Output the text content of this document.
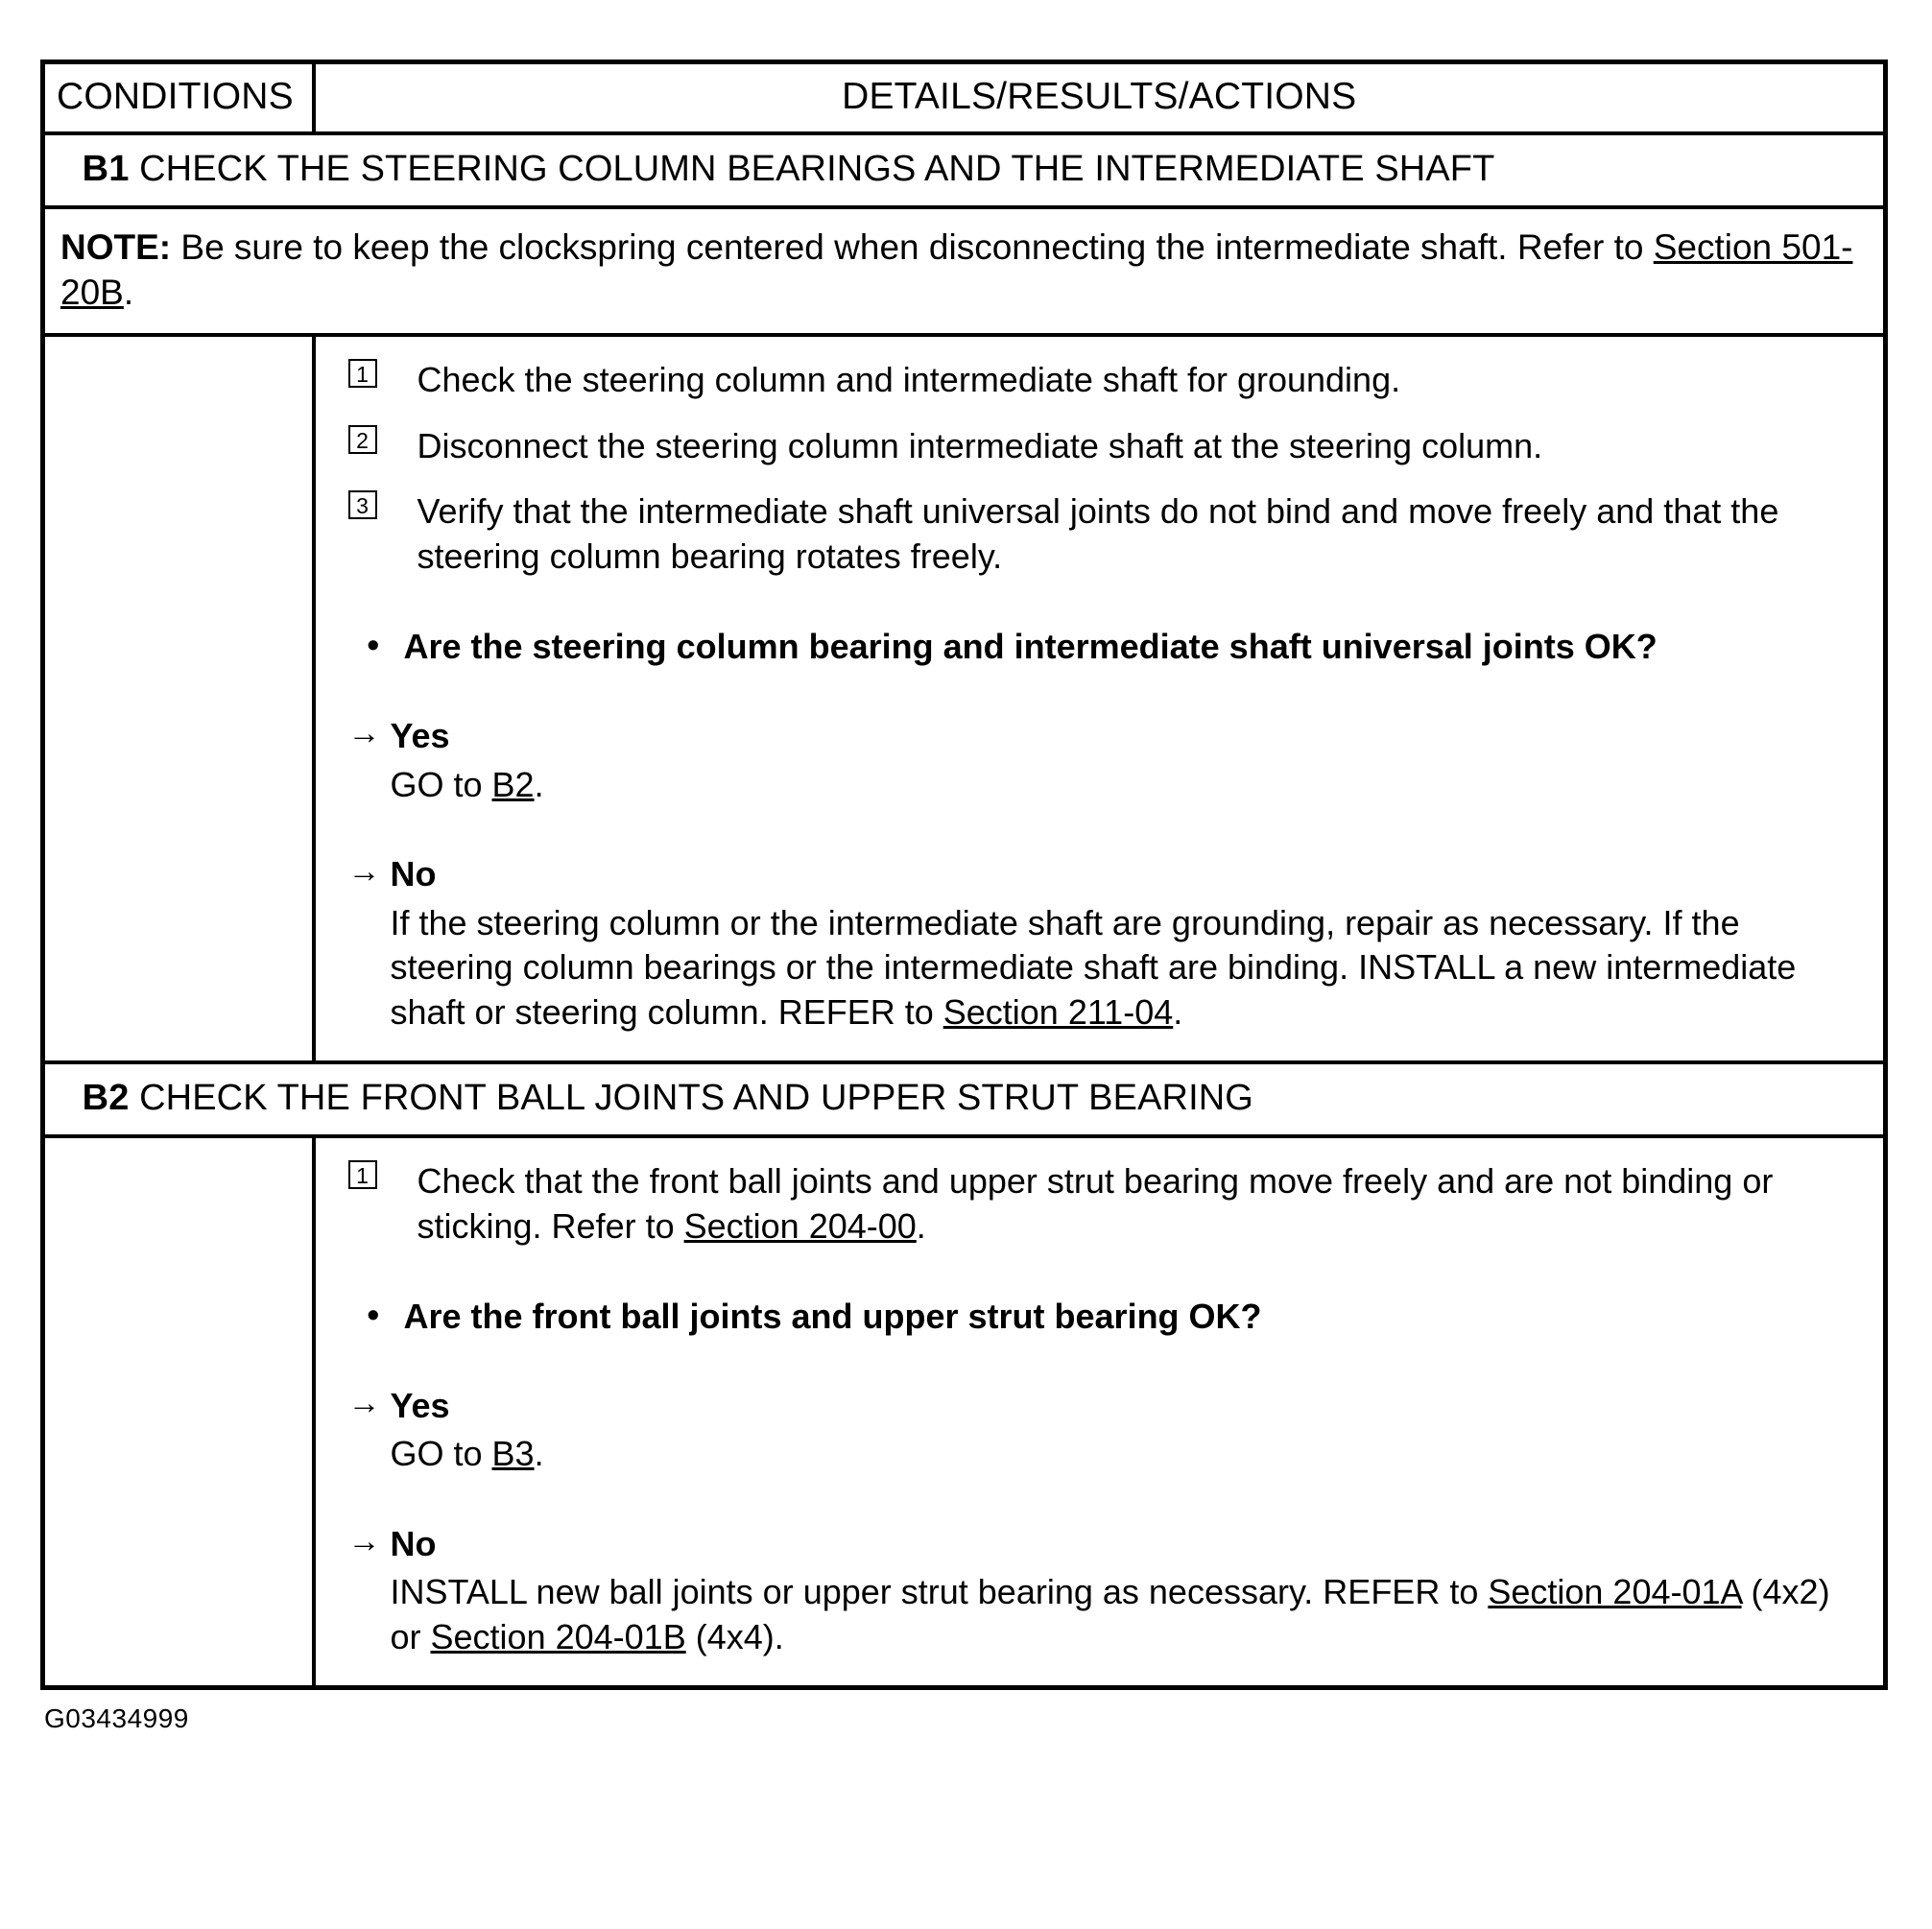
CONDITIONS	DETAILS/RESULTS/ACTIONS
B1 CHECK THE STEERING COLUMN BEARINGS AND THE INTERMEDIATE SHAFT	
NOTE: Be sure to keep the clockspring centered when disconnecting the intermediate shaft. Refer to Section 501-20B.	

1 Check the steering column and intermediate shaft for grounding.
2 Disconnect the steering column intermediate shaft at the steering column.
3 Verify that the intermediate shaft universal joints do not bind and move freely and that the steering column bearing rotates freely.
• Are the steering column bearing and intermediate shaft universal joints OK?
→ Yes
GO to B2.
→ No
If the steering column or the intermediate shaft are grounding, repair as necessary. If the steering column bearings or the intermediate shaft are binding. INSTALL a new intermediate shaft or steering column. REFER to Section 211-04.

B2 CHECK THE FRONT BALL JOINTS AND UPPER STRUT BEARING	

1 Check that the front ball joints and upper strut bearing move freely and are not binding or sticking. Refer to Section 204-00.
• Are the front ball joints and upper strut bearing OK?
→ Yes
GO to B3.
→ No
INSTALL new ball joints or upper strut bearing as necessary. REFER to Section 204-01A (4x2) or Section 204-01B (4x4).
G03434999
